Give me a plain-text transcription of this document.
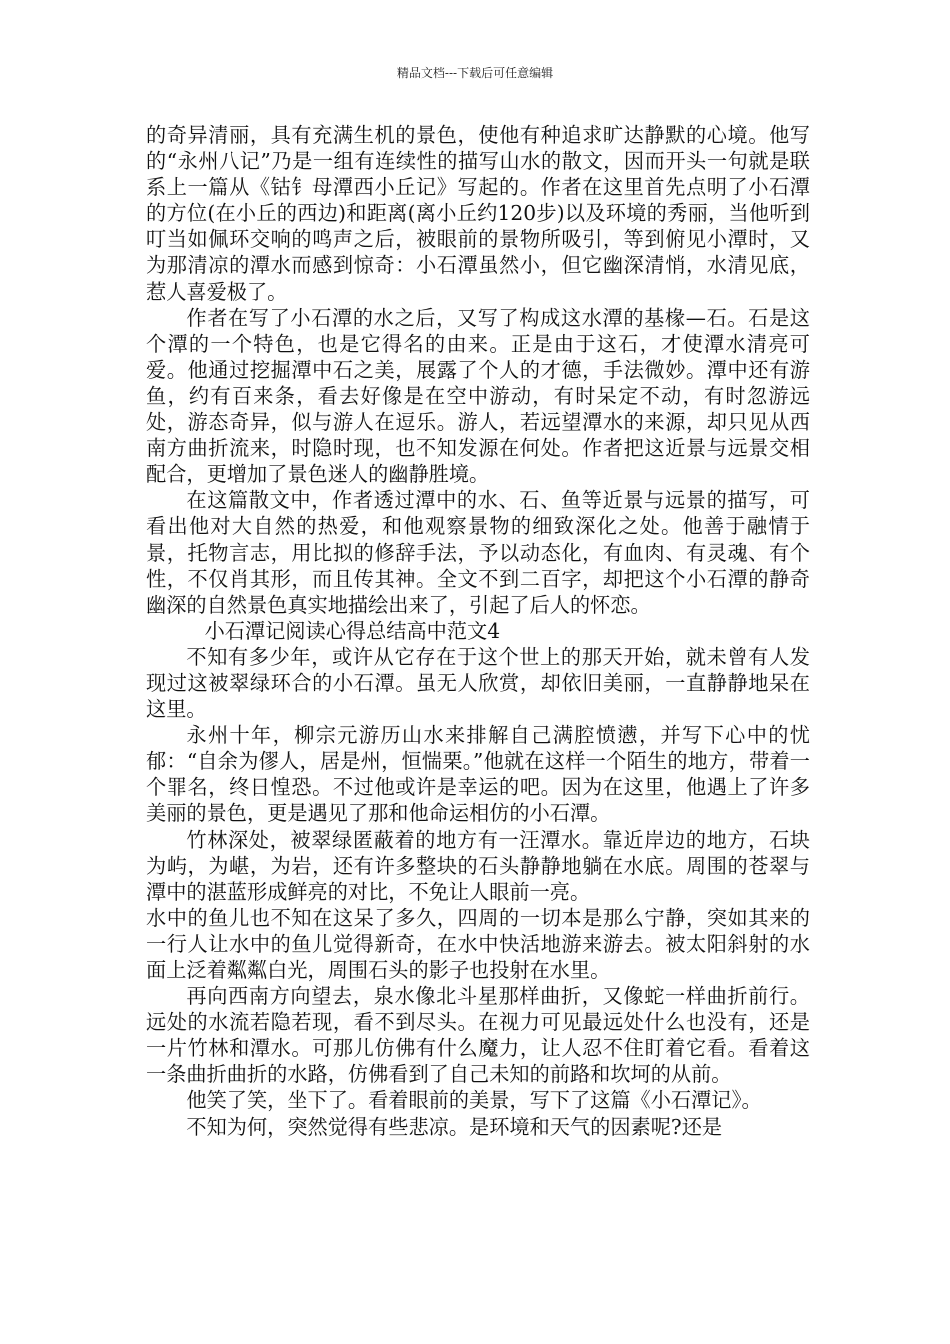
精品文档---下载后可任意编辑

的奇异清丽，具有充满生机的景色，使他有种追求旷达静默的心境。他写的“永州八记”乃是一组有连续性的描写山水的散文，因而开头一句就是联系上一篇从《钴钅母潭西小丘记》写起的。作者在这里首先点明了小石潭的方位(在小丘的西边)和距离(离小丘约120步)以及环境的秀丽，当他听到叮当如佩环交响的鸣声之后，被眼前的景物所吸引，等到俯见小潭时，又为那清凉的潭水而感到惊奇：小石潭虽然小，但它幽深清悄，水清见底，惹人喜爱极了。

作者在写了小石潭的水之后，又写了构成这水潭的基椽—石。石是这个潭的一个特色，也是它得名的由来。正是由于这石，才使潭水清亮可爱。他通过挖掘潭中石之美，展露了个人的才德，手法微妙。潭中还有游鱼，约有百来条，看去好像是在空中游动，有时呆定不动，有时忽游远处，游态奇异，似与游人在逗乐。游人，若远望潭水的来源，却只见从西南方曲折流来，时隐时现，也不知发源在何处。作者把这近景与远景交相配合，更增加了景色迷人的幽静胜境。

在这篇散文中，作者透过潭中的水、石、鱼等近景与远景的描写，可看出他对大自然的热爱，和他观察景物的细致深化之处。他善于融情于景，托物言志，用比拟的修辞手法，予以动态化，有血肉、有灵魂、有个性，不仅肖其形，而且传其神。全文不到二百字，却把这个小石潭的静奇幽深的自然景色真实地描绘出来了，引起了后人的怀恋。

小石潭记阅读心得总结高中范文4

不知有多少年，或许从它存在于这个世上的那天开始，就未曾有人发现过这被翠绿环合的小石潭。虽无人欣赏，却依旧美丽，一直静静地呆在这里。

永州十年，柳宗元游历山水来排解自己满腔愤懑，并写下心中的忧郁：“自余为僇人，居是州，恒惴栗。”他就在这样一个陌生的地方，带着一个罪名，终日惶恐。不过他或许是幸运的吧。因为在这里，他遇上了许多美丽的景色，更是遇见了那和他命运相仿的小石潭。

竹林深处，被翠绿匿蔽着的地方有一汪潭水。靠近岸边的地方，石块为屿，为嵁，为岩，还有许多整块的石头静静地躺在水底。周围的苍翠与潭中的湛蓝形成鲜亮的对比，不免让人眼前一亮。

水中的鱼儿也不知在这呆了多久，四周的一切本是那么宁静，突如其来的一行人让水中的鱼儿觉得新奇，在水中快活地游来游去。被太阳斜射的水面上泛着粼粼白光，周围石头的影子也投射在水里。

再向西南方向望去，泉水像北斗星那样曲折，又像蛇一样曲折前行。远处的水流若隐若现，看不到尽头。在视力可见最远处什么也没有，还是一片竹林和潭水。可那儿仿佛有什么魔力，让人忍不住盯着它看。看着这一条曲折曲折的水路，仿佛看到了自己未知的前路和坎坷的从前。

他笑了笑，坐下了。看着眼前的美景，写下了这篇《小石潭记》。

不知为何，突然觉得有些悲凉。是环境和天气的因素呢?还是
